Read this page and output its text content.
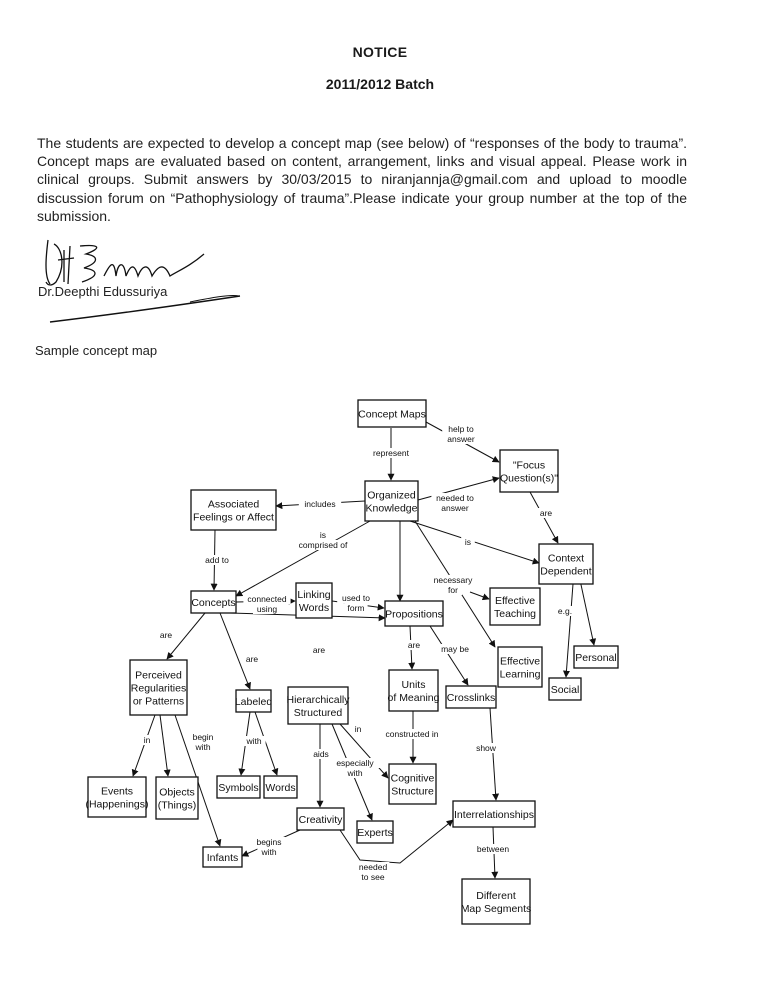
NOTICE
2011/2012 Batch

The students are expected to develop a concept map (see below) of “responses of the body to trauma”. Concept maps are evaluated based on content, arrangement, links and visual appeal. Please work in clinical groups. Submit answers by 30/03/2015 to niranjannja@gmail.com and upload to moodle discussion forum on “Pathophysiology of trauma”.Please indicate your group number at the top of the submission.

Dr.Deepthi Edussuriya
Sample concept map
Concept Maps
"Focus
Question(s)"
Organized
Knowledge
Associated
Feelings or Affect
Context
Dependent
Concepts
Linking
Words
Propositions
Effective
Teaching
Effective
Learning
Personal
Social
Perceived
Regularities
or Patterns	Labeled Hierarchically
Structured
Units
of Meaning Crosslinks
Events
(Happenings)
Objects
(Things)
Symbols Words
Cognitive
Structure
Creativity
Experts
Interrelationships
Infants
Different
Map Segments
represent
help to
answer
needed to
answer
includes
are
is
comprised of	is
add to
connected
using
used to
form
necessary
for
e.g.
are
are
are	are may be
in	begin
with
with
in	constructed in
show
aids
especially
with
begins
with
needed
to see
between
